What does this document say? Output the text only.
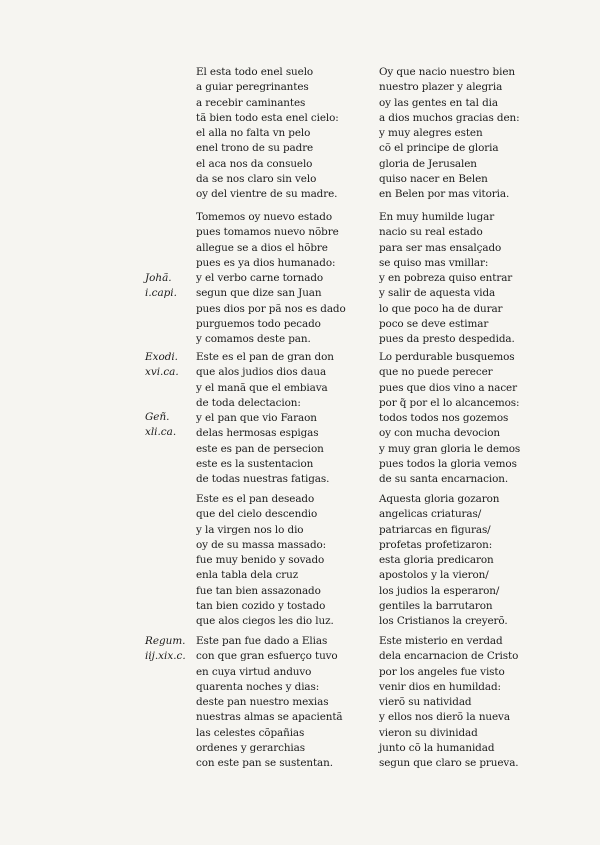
El esta todo enel suelo
a guiar peregrinantes
a recebir caminantes
tã bien todo esta enel cielo:
el alla no falta vn pelo
enel trono de su padre
el aca nos da consuelo
da se nos claro sin velo
oy del vientre de su madre.
Tomemos oy nuevo estado
pues tomamos nuevo nõbre
allegue se a dios el hõbre
pues es ya dios humanado:
y el verbo carne tornado
segun que dize san Juan
pues dios por pã nos es dado
purguemos todo pecado
y comamos deste pan.
Este es el pan de gran don
que alos judios dios daua
y el manã que el embiava
de toda delectacion:
y el pan que vio Faraon
delas hermosas espigas
este es pan de persecion
este es la sustentacion
de todas nuestras fatigas.
Este es el pan deseado
que del cielo descendio
y la virgen nos lo dio
oy de su massa massado:
fue muy benido y sovado
enla tabla dela cruz
fue tan bien assazonado
tan bien cozido y tostado
que alos ciegos les dio luz.
Este pan fue dado a Elias
con que gran esfuerço tuvo
en cuya virtud anduvo
quarenta noches y dias:
deste pan nuestro mexias
nuestras almas se apacientã
las celestes cõpañias
ordenes y gerarchias
con este pan se sustentan.
Oy que nacio nuestro bien
nuestro plazer y alegria
oy las gentes en tal dia
a dios muchos gracias den:
y muy alegres esten
cõ el principe de gloria
gloria de Jerusalen
quiso nacer en Belen
en Belen por mas vitoria.
En muy humilde lugar
nacio su real estado
para ser mas ensalçado
se quiso mas vmillar:
y en pobreza quiso entrar
y salir de aquesta vida
lo que poco ha de durar
poco se deve estimar
pues da presto despedida.
Lo perdurable busquemos
que no puede perecer
pues que dios vino a nacer
por q̃ por el lo alcancemos:
todos todos nos gozemos
oy con mucha devocion
y muy gran gloria le demos
pues todos la gloria vemos
de su santa encarnacion.
Aquesta gloria gozaron
angelicas criaturas/
patriarcas en figuras/
profetas profetizaron:
esta gloria predicaron
apostolos y la vieron/
los judios la esperaron/
gentiles la barrutaron
los Cristianos la creyerõ.
Este misterio en verdad
dela encarnacion de Cristo
por los angeles fue visto
venir dios en humildad:
vierõ su natividad
y ellos nos dierõ la nueva
vieron su divinidad
junto cõ la humanidad
segun que claro se prueva.
Johã.
i.capi.
Exodi.
xvi.ca.
Geñ.
xli.ca.
Regum.
iij.xix.c.
